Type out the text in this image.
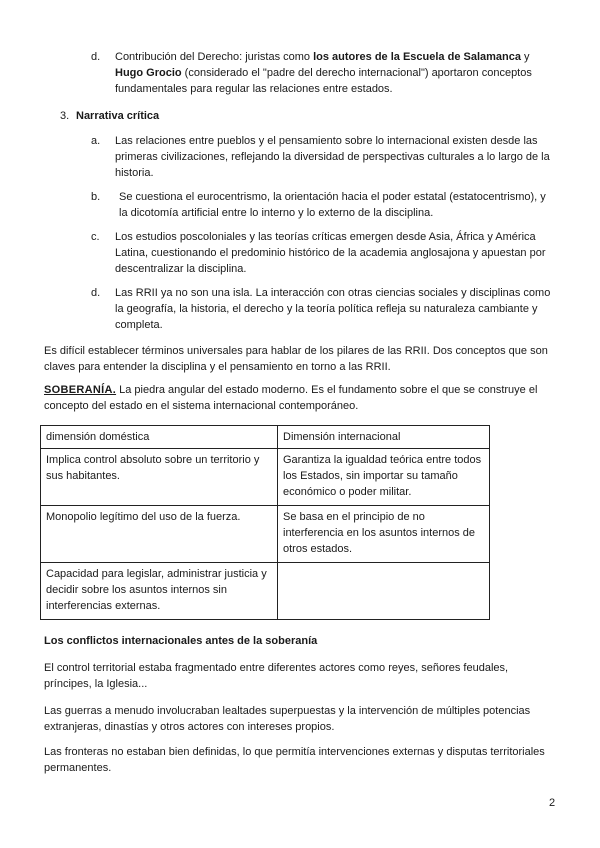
d. Contribución del Derecho: juristas como los autores de la Escuela de Salamanca y Hugo Grocio (considerado el "padre del derecho internacional") aportaron conceptos fundamentales para regular las relaciones entre estados.
3. Narrativa crítica
a. Las relaciones entre pueblos y el pensamiento sobre lo internacional existen desde las primeras civilizaciones, reflejando la diversidad de perspectivas culturales a lo largo de la historia.
b. Se cuestiona el eurocentrismo, la orientación hacia el poder estatal (estatocentrismo), y la dicotomía artificial entre lo interno y lo externo de la disciplina.
c. Los estudios poscoloniales y las teorías críticas emergen desde Asia, África y América Latina, cuestionando el predominio histórico de la academia anglosajona y apuestan por descentralizar la disciplina.
d. Las RRII ya no son una isla. La interacción con otras ciencias sociales y disciplinas como la geografía, la historia, el derecho y la teoría política refleja su naturaleza cambiante y completa.
Es difícil establecer términos universales para hablar de los pilares de las RRII. Dos conceptos que son claves para entender la disciplina y el pensamiento en torno a las RRII.
SOBERANÍA. La piedra angular del estado moderno. Es el fundamento sobre el que se construye el concepto del estado en el sistema internacional contemporáneo.
dimensión doméstica	Dimensión internacional
Implica control absoluto sobre un territorio y sus habitantes.	Garantiza la igualdad teórica entre todos los Estados, sin importar su tamaño económico o poder militar.
Monopolio legítimo del uso de la fuerza.	Se basa en el principio de no interferencia en los asuntos internos de otros estados.
Capacidad para legislar, administrar justicia y decidir sobre los asuntos internos sin interferencias externas.	
Los conflictos internacionales antes de la soberanía
El control territorial estaba fragmentado entre diferentes actores como reyes, señores feudales, príncipes, la Iglesia...
Las guerras a menudo involucraban lealtades superpuestas y la intervención de múltiples potencias extranjeras, dinastías y otros actores con intereses propios.
Las fronteras no estaban bien definidas, lo que permitía intervenciones externas y disputas territoriales permanentes.
2
